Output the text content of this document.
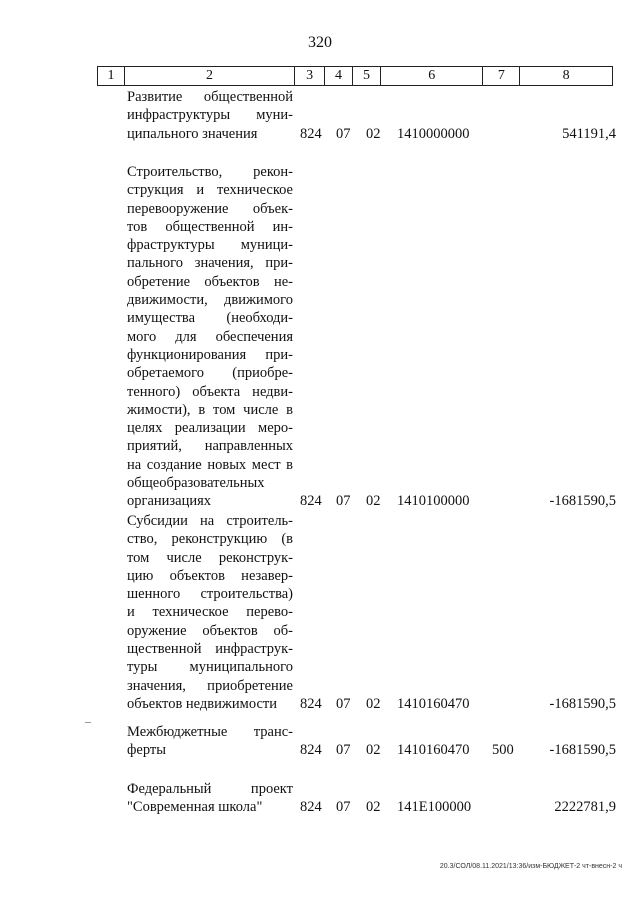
320
1	2	3	4	5	6	7	8
Развитие общественной
инфраструктуры муни-
ципального значения	824 07 02 1410000000	541191,4
Строительство, рекон-
струкция и техническое
перевооружение объек-
тов общественной ин-
фраструктуры муници-
пального значения, при-
обретение объектов не-
движимости, движимого
имущества (необходи-
мого для обеспечения
функционирования при-
обретаемого (приобре-
тенного) объекта недви-
жимости), в том числе в
целях реализации меро-
приятий, направленных
на создание новых мест в
общеобразовательных
организациях	824 07 02 1410100000	-1681590,5
Субсидии на строитель-
ство, реконструкцию (в
том числе реконструк-
цию объектов незавер-
шенного строительства)
и техническое перево-
оружение объектов об-
щественной инфраструк-
туры муниципального
значения, приобретение
объектов недвижимости	824 07 02 1410160470	-1681590,5
Межбюджетные транс-
ферты	824 07 02 1410160470 500 -1681590,5
Федеральный проект
"Современная школа"	824 07 02 141E100000	2222781,9
20.3/СОЛ/08.11.2021/13:36/изм-БЮДЖЕТ-2 чт-внесн-2 ч
